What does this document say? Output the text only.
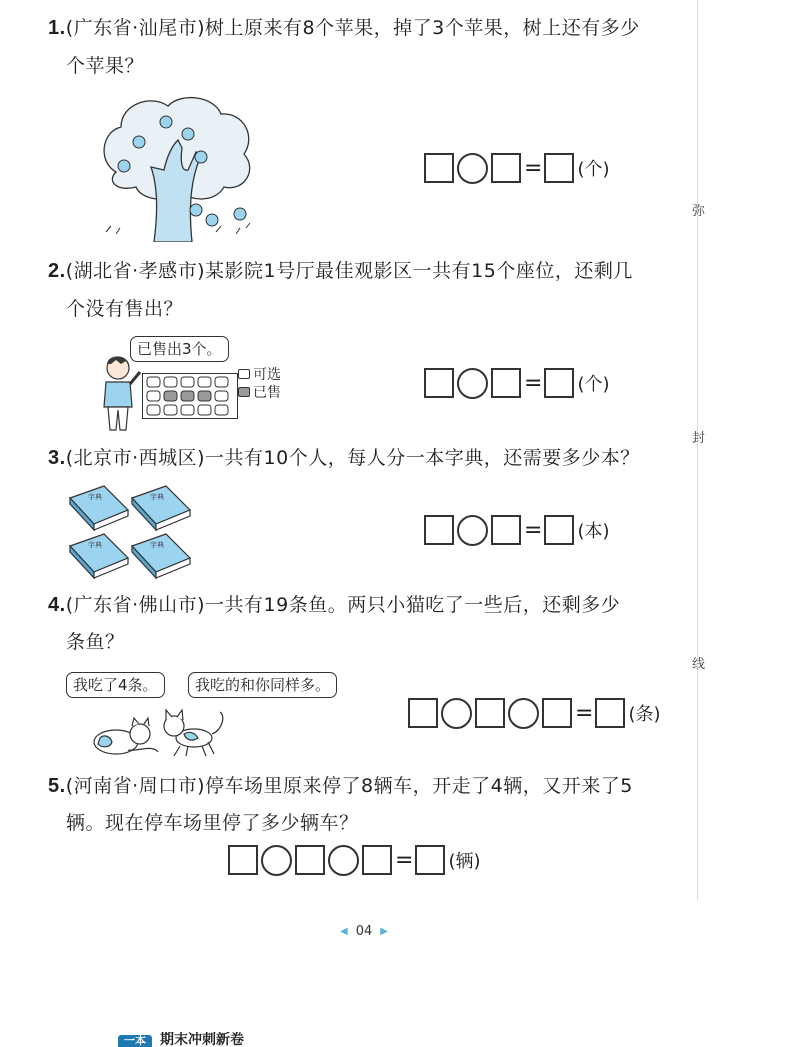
弥
封
线
1.(广东省·汕尾市)树上原来有8个苹果，掉了3个苹果，树上还有多少
个苹果？
= (个)
2.(湖北省·孝感市)某影院1号厅最佳观影区一共有15个座位，还剩几
个没有售出？
已售出3个。
可选
已售	= (个)
3.(北京市·西城区)一共有10个人，每人分一本字典，还需要多少本？
字典	字典
字典	字典
= (本)
4.(广东省·佛山市)一共有19条鱼。两只小猫吃了一些后，还剩多少
条鱼？
我吃了4条。	我吃的和你同样多。
= (条)
5.(河南省·周口市)停车场里原来停了8辆车，开走了4辆，又开来了5
辆。现在停车场里停了多少辆车？
= (辆)
◀ 04 ▶
一本	期末冲刺新卷
